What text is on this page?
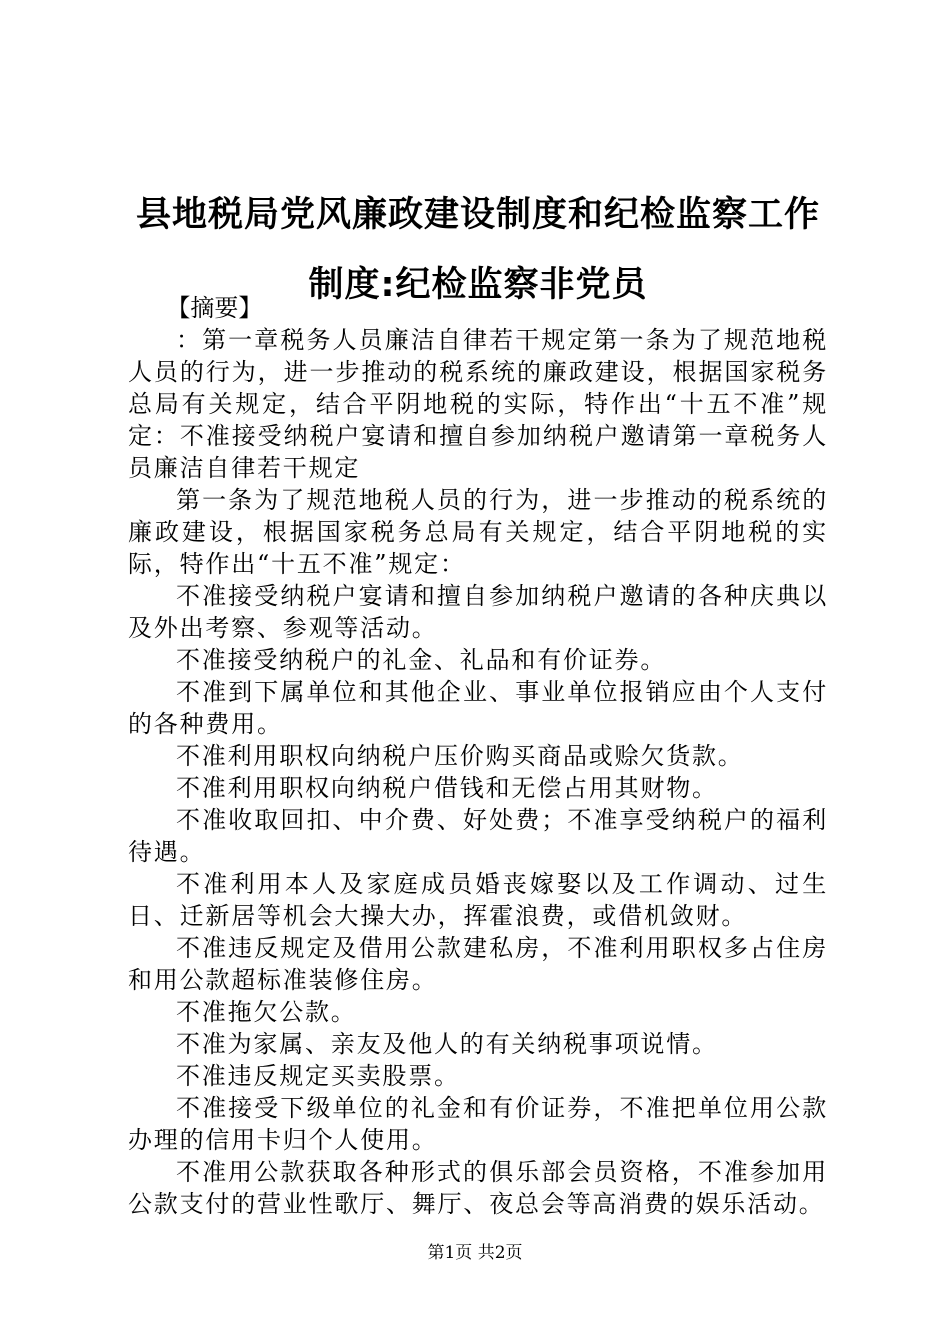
县地税局党风廉政建设制度和纪检监察工作制度:纪检监察非党员

【摘要】

：第一章税务人员廉洁自律若干规定第一条为了规范地税人员的行为，进一步推动的税系统的廉政建设，根据国家税务总局有关规定，结合平阴地税的实际，特作出“十五不准”规定：不准接受纳税户宴请和擅自参加纳税户邀请第一章税务人员廉洁自律若干规定

第一条为了规范地税人员的行为，进一步推动的税系统的廉政建设，根据国家税务总局有关规定，结合平阴地税的实际，特作出“十五不准”规定：

不准接受纳税户宴请和擅自参加纳税户邀请的各种庆典以及外出考察、参观等活动。

不准接受纳税户的礼金、礼品和有价证券。

不准到下属单位和其他企业、事业单位报销应由个人支付的各种费用。

不准利用职权向纳税户压价购买商品或赊欠货款。

不准利用职权向纳税户借钱和无偿占用其财物。

不准收取回扣、中介费、好处费；不准享受纳税户的福利待遇。

不准利用本人及家庭成员婚丧嫁娶以及工作调动、过生日、迁新居等机会大操大办，挥霍浪费，或借机敛财。

不准违反规定及借用公款建私房，不准利用职权多占住房和用公款超标准装修住房。

不准拖欠公款。

不准为家属、亲友及他人的有关纳税事项说情。

不准违反规定买卖股票。

不准接受下级单位的礼金和有价证券，不准把单位用公款办理的信用卡归个人使用。

不准用公款获取各种形式的俱乐部会员资格，不准参加用公款支付的营业性歌厅、舞厅、夜总会等高消费的娱乐活动。

第1页 共2页
